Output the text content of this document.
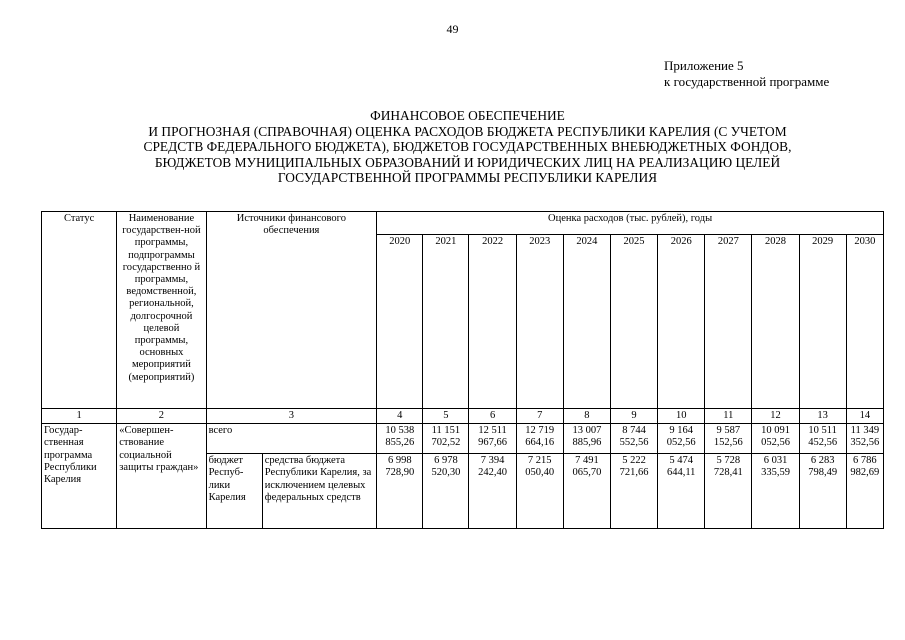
49
Приложение 5
к государственной программе
ФИНАНСОВОЕ ОБЕСПЕЧЕНИЕ
И ПРОГНОЗНАЯ (СПРАВОЧНАЯ) ОЦЕНКА РАСХОДОВ БЮДЖЕТА РЕСПУБЛИКИ КАРЕЛИЯ (С УЧЕТОМ
СРЕДСТВ ФЕДЕРАЛЬНОГО БЮДЖЕТА), БЮДЖЕТОВ ГОСУДАРСТВЕННЫХ ВНЕБЮДЖЕТНЫХ ФОНДОВ,
БЮДЖЕТОВ МУНИЦИПАЛЬНЫХ ОБРАЗОВАНИЙ И ЮРИДИЧЕСКИХ ЛИЦ НА РЕАЛИЗАЦИЮ ЦЕЛЕЙ
ГОСУДАРСТВЕННОЙ ПРОГРАММЫ РЕСПУБЛИКИ КАРЕЛИЯ
Статус	Наименование государствен-ной программы, подпрограммы государственно й программы, ведомственной, региональной, долгосрочной целевой программы, основных мероприятий (мероприятий)	Источники финансового обеспечения		Оценка расходов (тыс. рублей), годы										
				2020	2021	2022	2023	2024	2025	2026	2027	2028	2029	2030
1	2	3		4	5	6	7	8	9	10	11	12	13	14
Государ-ственная программа Республики Карелия	«Совершен-ствование социальной защиты граждан»	всего		10 538 855,26	11 151 702,52	12 511 967,66	12 719 664,16	13 007 885,96	8 744 552,56	9 164 052,56	9 587 152,56	10 091 052,56	10 511 452,56	11 349 352,56
		бюджет Респуб-лики Карелия	средства бюджета Республики Карелия, за исключением целевых федеральных средств	6 998 728,90	6 978 520,30	7 394 242,40	7 215 050,40	7 491 065,70	5 222 721,66	5 474 644,11	5 728 728,41	6 031 335,59	6 283 798,49	6 786 982,69
